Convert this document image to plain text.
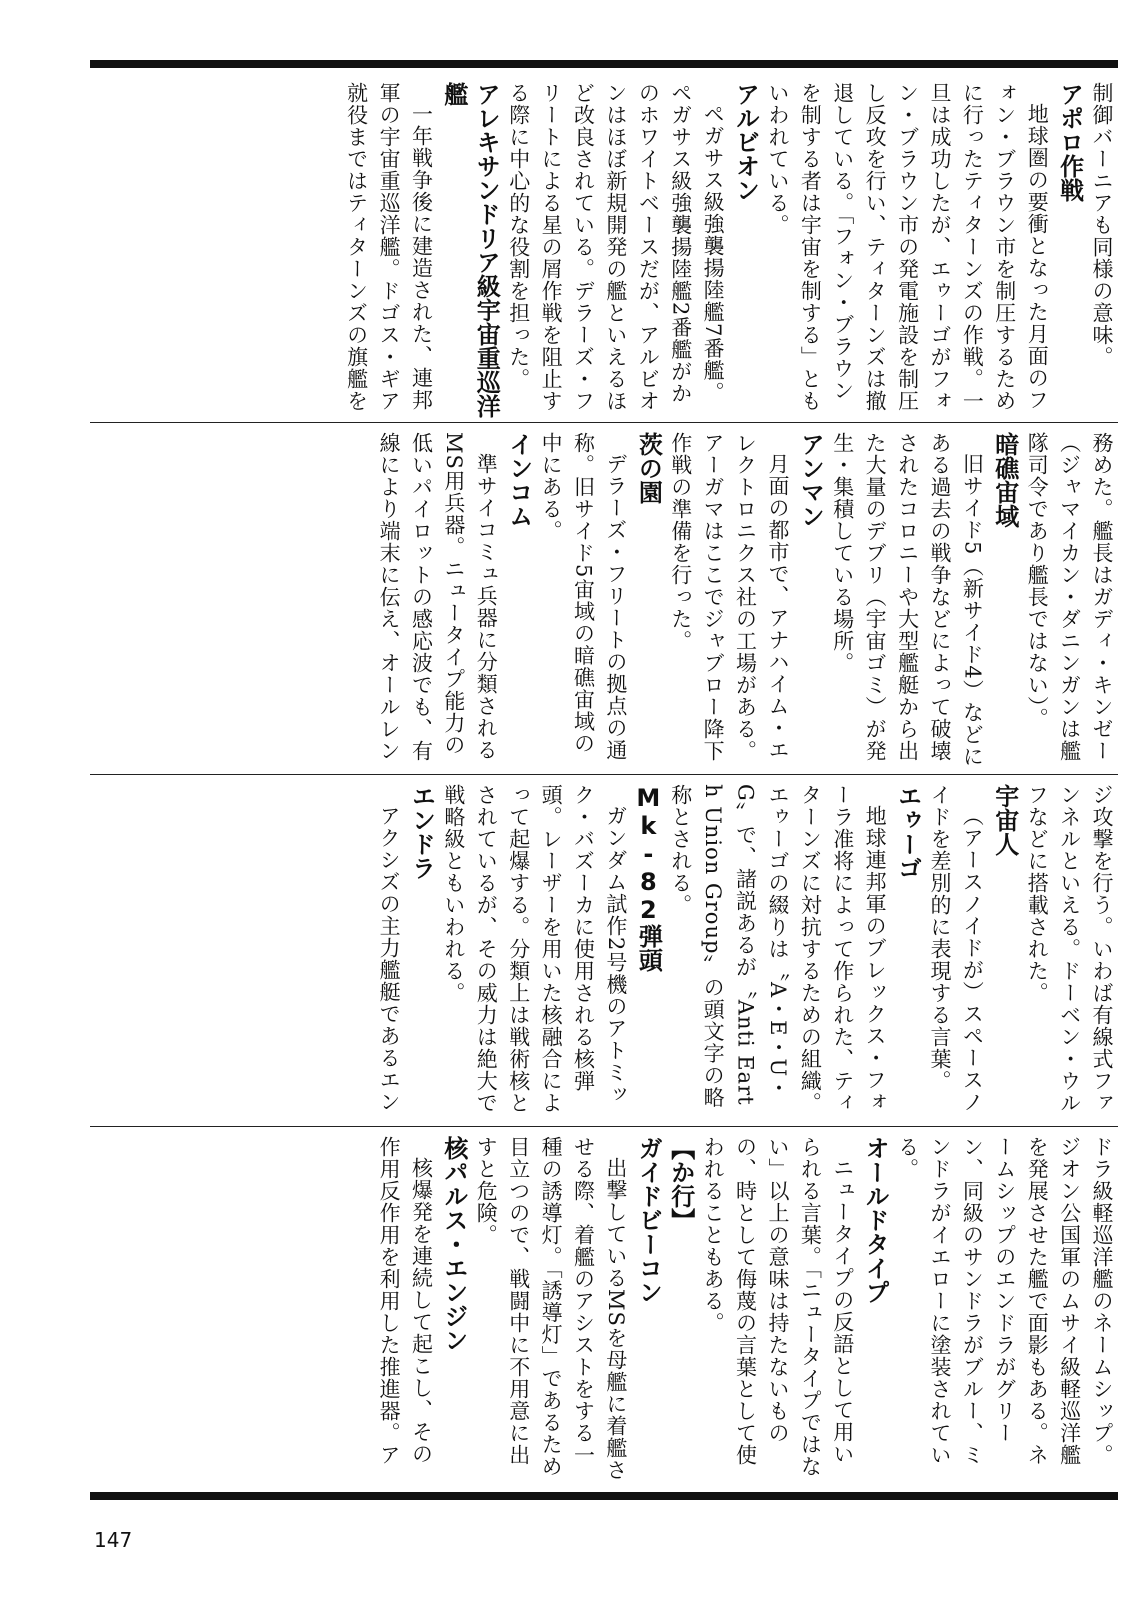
制御バーニアも同様の意味。
アポロ作戦
地球圏の要衝となった月面のフォン・ブラウン市を制圧するために行ったティターンズの作戦。一旦は成功したが、エゥーゴがフォン・ブラウン市の発電施設を制圧し反攻を行い、ティターンズは撤退している。「フォン・ブラウンを制する者は宇宙を制する」ともいわれている。
アルビオン
ペガサス級強襲揚陸艦7番艦。ペガサス級強襲揚陸艦2番艦がかのホワイトベースだが、アルビオンはほぼ新規開発の艦といえるほど改良されている。デラーズ・フリートによる星の屑作戦を阻止する際に中心的な役割を担った。
アレキサンドリア級宇宙重巡洋艦
一年戦争後に建造された、連邦軍の宇宙重巡洋艦。ドゴス・ギア就役まではティターンズの旗艦を
務めた。艦長はガディ・キンゼー（ジャマイカン・ダニンガンは艦隊司令であり艦長ではない）。
暗礁宙域
旧サイド5（新サイド4）などにある過去の戦争などによって破壊されたコロニーや大型艦艇から出た大量のデブリ（宇宙ゴミ）が発生・集積している場所。
アンマン
月面の都市で、アナハイム・エレクトロニクス社の工場がある。アーガマはここでジャブロー降下作戦の準備を行った。
茨の園
デラーズ・フリートの拠点の通称。旧サイド5宙域の暗礁宙域の中にある。
インコム
準サイコミュ兵器に分類されるMS用兵器。ニュータイプ能力の低いパイロットの感応波でも、有線により端末に伝え、オールレン
ジ攻撃を行う。いわば有線式ファンネルといえる。ドーベン・ウルフなどに搭載された。
宇宙人
（アースノイドが）スペースノイドを差別的に表現する言葉。
エゥーゴ
地球連邦軍のブレックス・フォーラ准将によって作られた、ティターンズに対抗するための組織。エゥーゴの綴りは〝A・E・U・G〟で、諸説あるが〝Anti Earth Union Group〟の頭文字の略称とされる。
Mk-82弾頭
ガンダム試作2号機のアトミック・バズーカに使用される核弾頭。レーザーを用いた核融合によって起爆する。分類上は戦術核とされているが、その威力は絶大で戦略級ともいわれる。
エンドラ
アクシズの主力艦艇であるエン
ドラ級軽巡洋艦のネームシップ。ジオン公国軍のムサイ級軽巡洋艦を発展させた艦で面影もある。ネームシップのエンドラがグリーン、同級のサンドラがブルー、ミンドラがイエローに塗装されている。
オールドタイプ
ニュータイプの反語として用いられる言葉。「ニュータイプではない」以上の意味は持たないものの、時として侮蔑の言葉として使われることもある。
【か行】
ガイドビーコン
出撃しているMSを母艦に着艦させる際、着艦のアシストをする一種の誘導灯。「誘導灯」であるため目立つので、戦闘中に不用意に出すと危険。
核パルス・エンジン
核爆発を連続して起こし、その作用反作用を利用した推進器。ア
147
